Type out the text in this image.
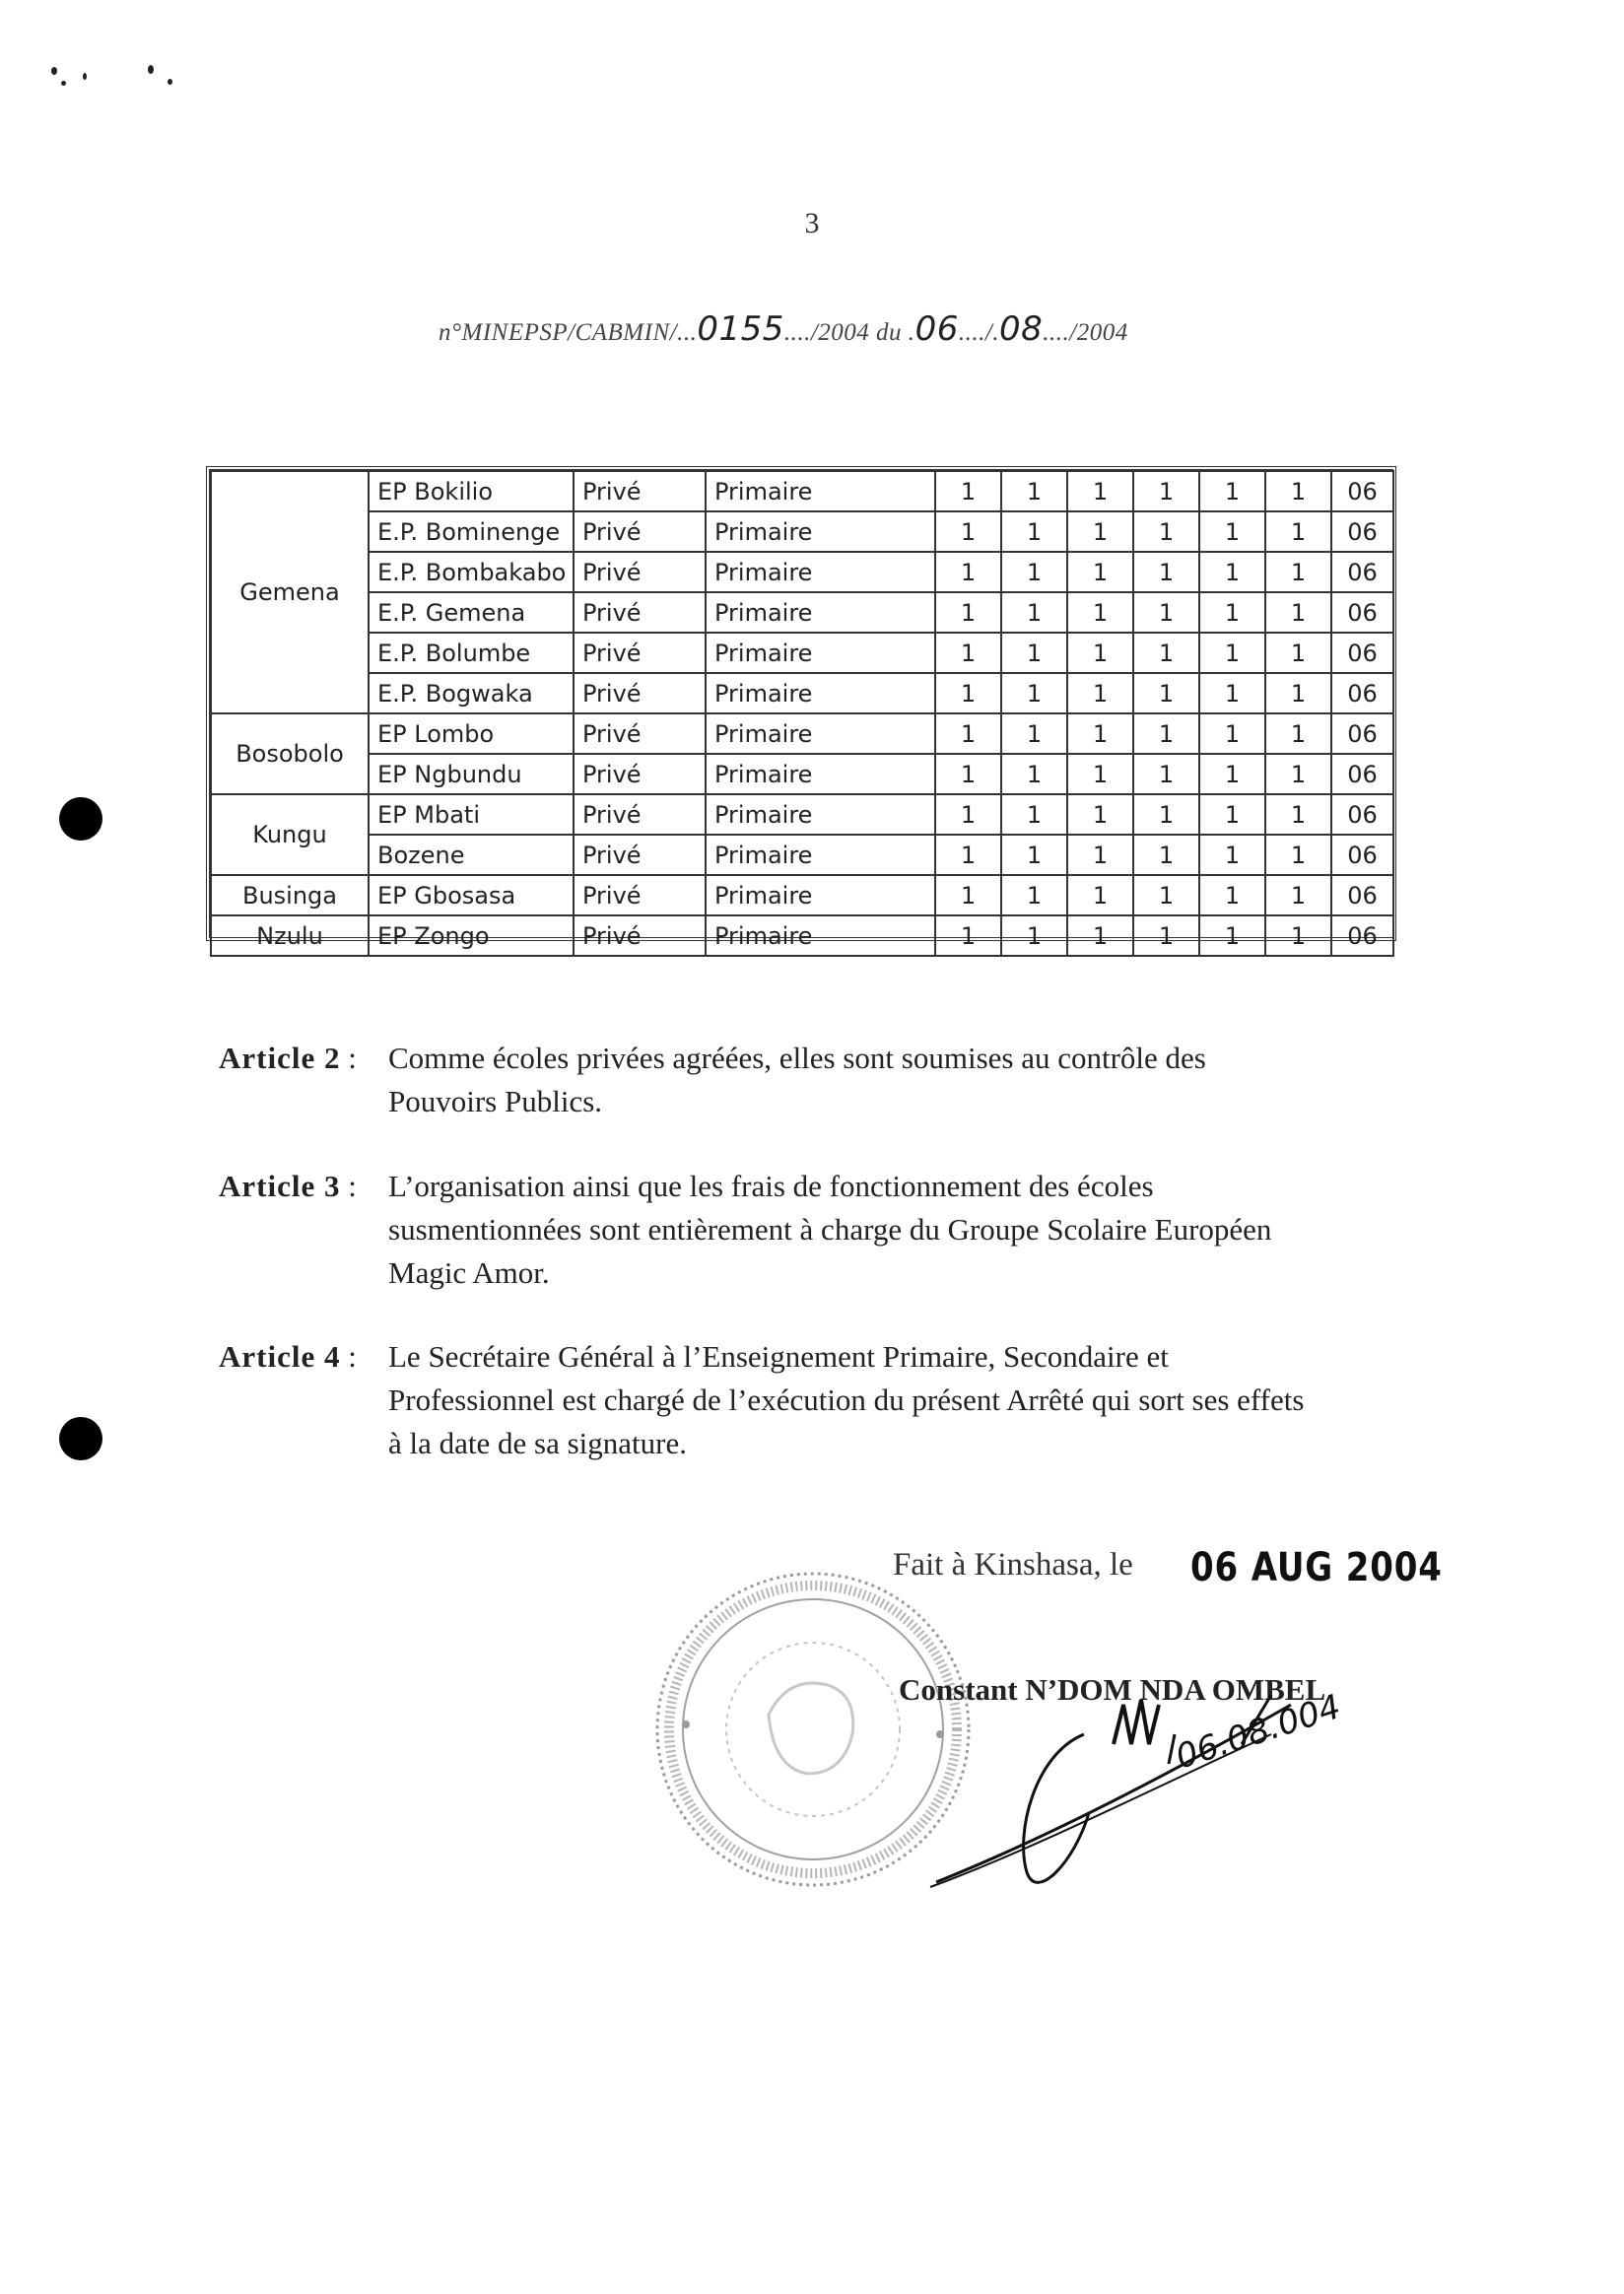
3
n°MINEPSP/CABMIN/...0155..../2004 du .06..../.08..../2004
Gemena	EP Bokilio	Privé	Primaire	1	1	1	1	1	1	06
	E.P. Bominenge	Privé	Primaire	1	1	1	1	1	1	06
	E.P. Bombakabo	Privé	Primaire	1	1	1	1	1	1	06
	E.P. Gemena	Privé	Primaire	1	1	1	1	1	1	06
	E.P. Bolumbe	Privé	Primaire	1	1	1	1	1	1	06
	E.P. Bogwaka	Privé	Primaire	1	1	1	1	1	1	06
Bosobolo	EP Lombo	Privé	Primaire	1	1	1	1	1	1	06
	EP Ngbundu	Privé	Primaire	1	1	1	1	1	1	06
Kungu	EP Mbati	Privé	Primaire	1	1	1	1	1	1	06
	Bozene	Privé	Primaire	1	1	1	1	1	1	06
Businga	EP Gbosasa	Privé	Primaire	1	1	1	1	1	1	06
Nzulu	EP Zongo	Privé	Primaire	1	1	1	1	1	1	06
Article 2 : Comme écoles privées agréées, elles sont soumises au contrôle des
Pouvoirs Publics.
Article 3 : L’organisation ainsi que les frais de fonctionnement des écoles
susmentionnées sont entièrement à charge du Groupe Scolaire Européen
Magic Amor.
Article 4 : Le Secrétaire Général à l’Enseignement Primaire, Secondaire et
Professionnel est chargé de l’exécution du présent Arrêté qui sort ses effets
à la date de sa signature.
Fait à Kinshasa, le 06 AUG 2004
Constant N’DOM NDA OMBEL
06.08.004
